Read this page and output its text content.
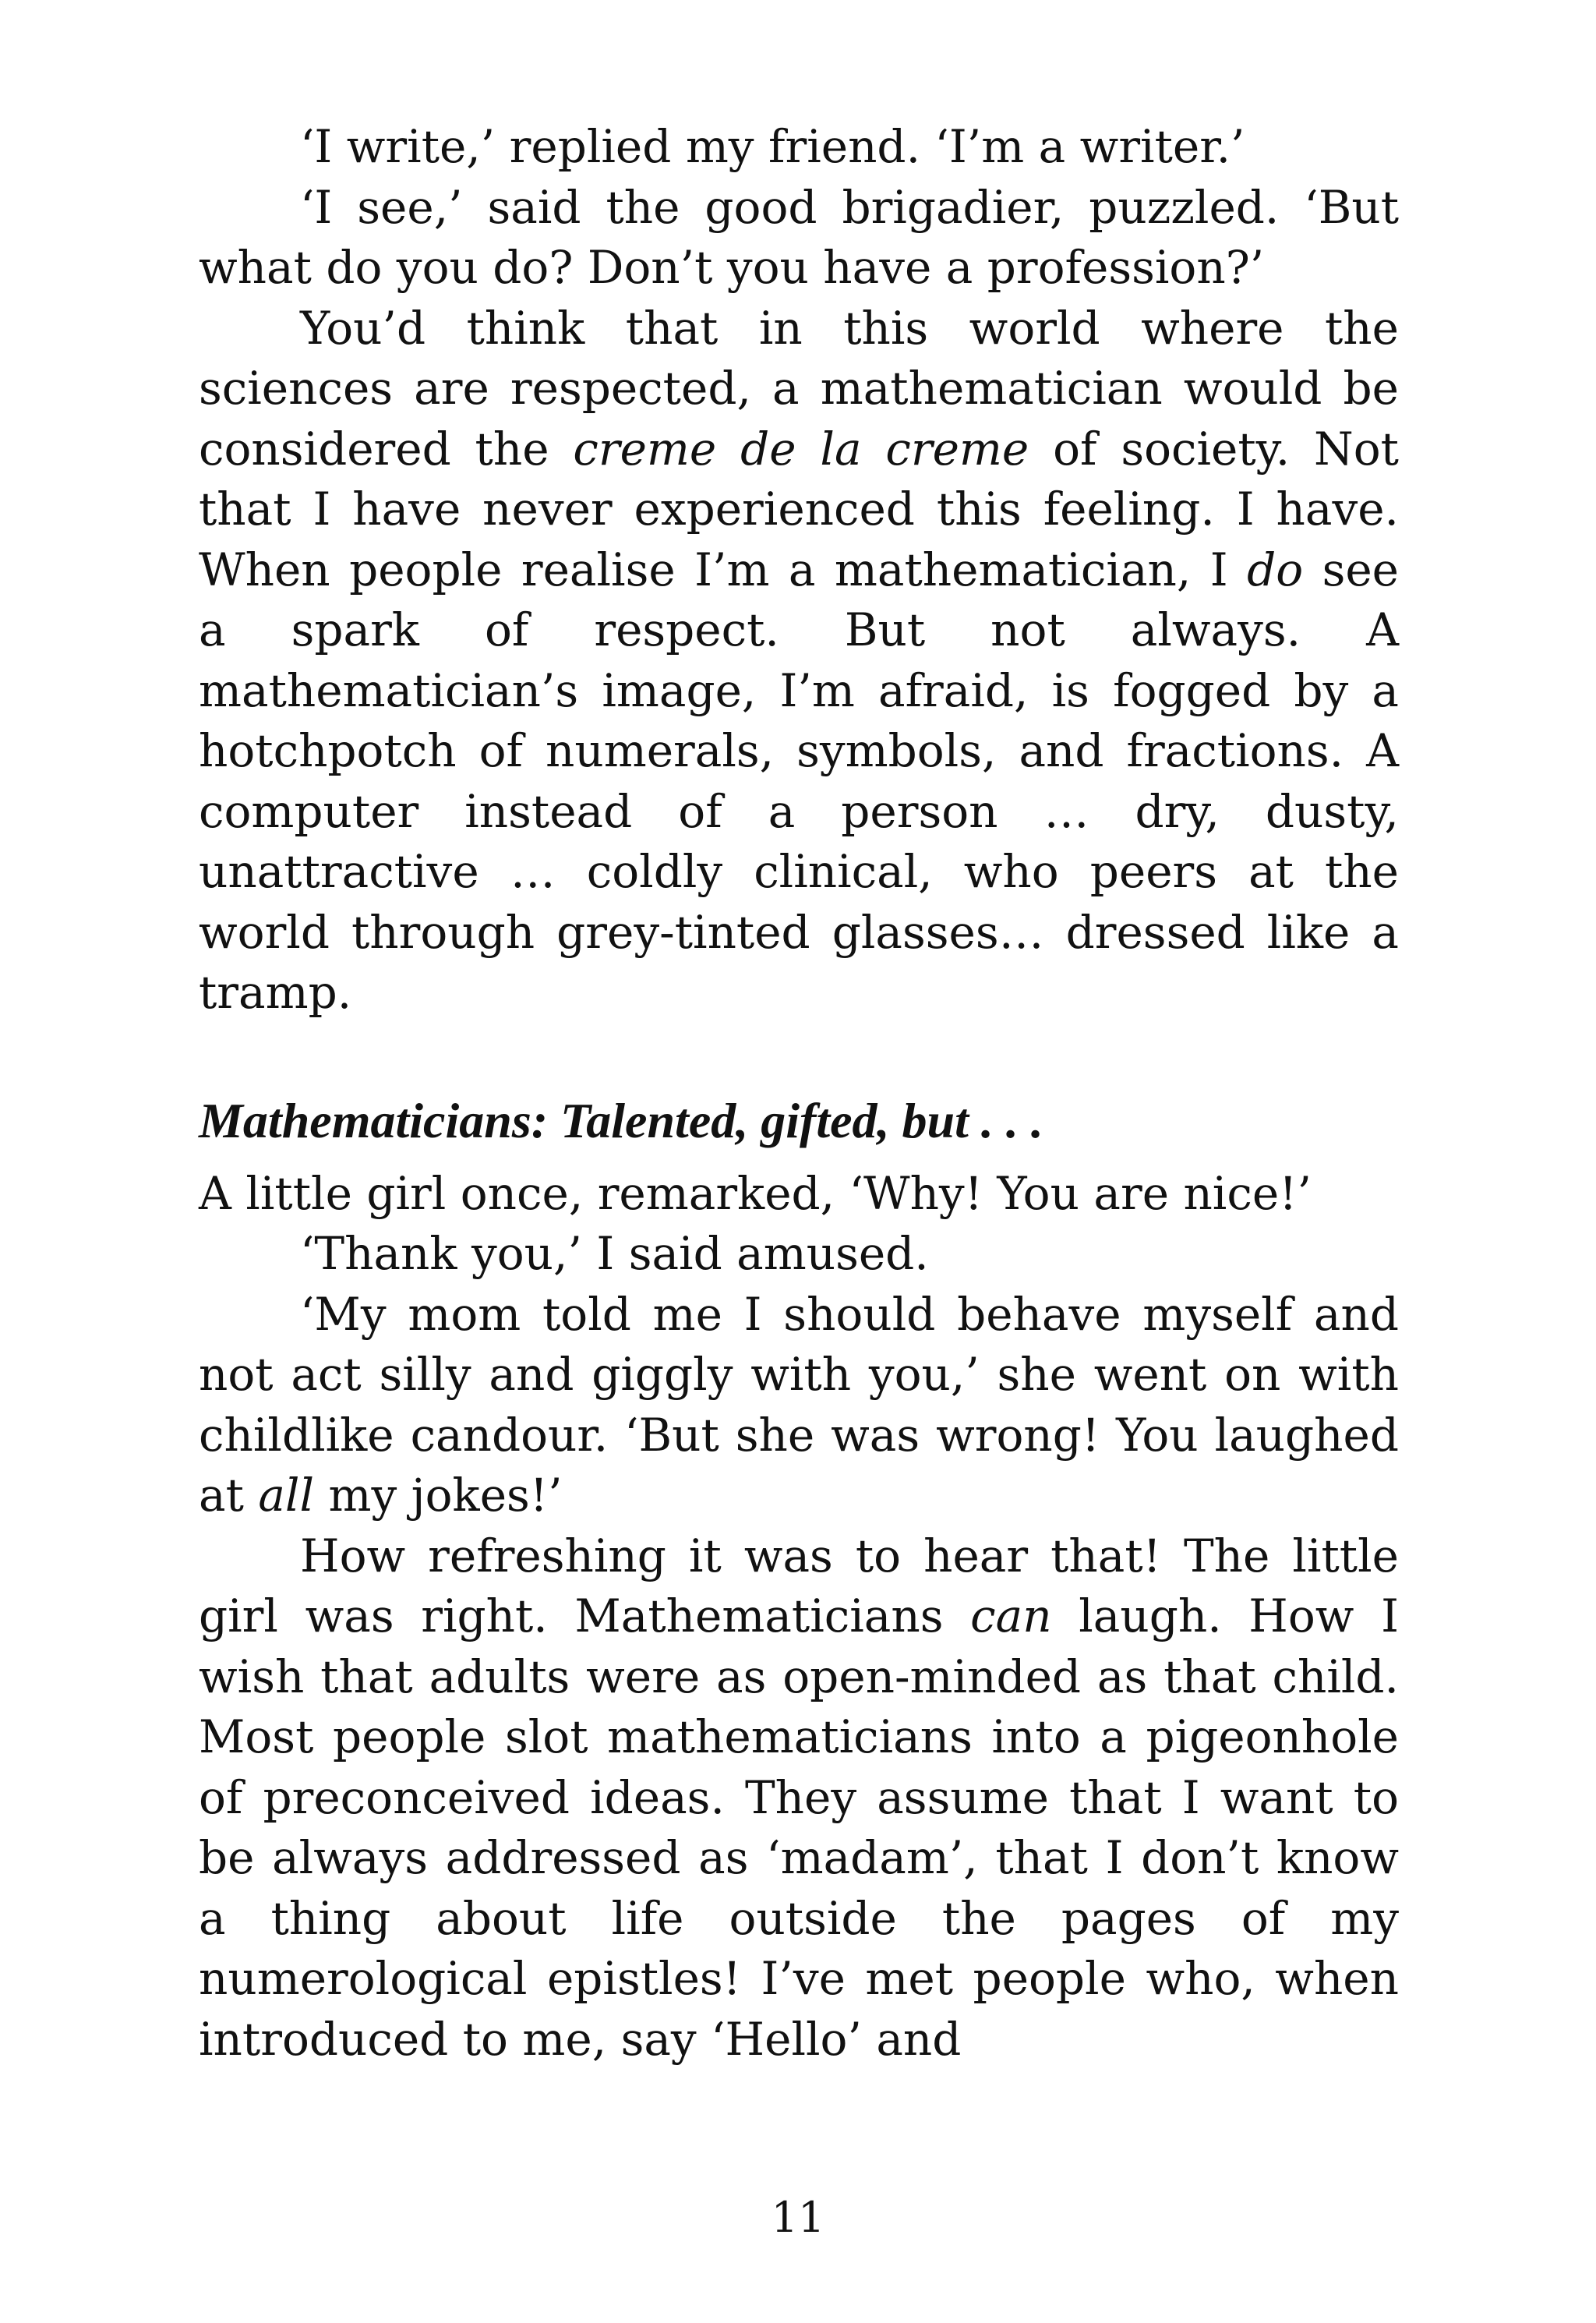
‘I write,’ replied my friend. ‘I’m a writer.’

‘I see,’ said the good brigadier, puzzled. ‘But what do you do? Don’t you have a profession?’

You’d think that in this world where the sciences are respected, a mathematician would be considered the creme de la creme of society. Not that I have never experienced this feeling. I have. When people realise I’m a mathematician, I do see a spark of respect. But not always. A mathematician’s image, I’m afraid, is fogged by a hotchpotch of numerals, symbols, and fractions. A computer instead of a person … dry, dusty, unattractive … coldly clinical, who peers at the world through grey-tinted glasses… dressed like a tramp.

Mathematicians: Talented, gifted, but . . .

A little girl once, remarked, ‘Why! You are nice!’

‘Thank you,’ I said amused.

‘My mom told me I should behave myself and not act silly and giggly with you,’ she went on with childlike candour. ‘But she was wrong! You laughed at all my jokes!’

How refreshing it was to hear that! The little girl was right. Mathematicians can laugh. How I wish that adults were as open-minded as that child. Most people slot mathematicians into a pigeonhole of preconceived ideas. They assume that I want to be always addressed as ‘madam’, that I don’t know a thing about life outside the pages of my numerological epistles! I’ve met people who, when introduced to me, say ‘Hello’ and

11
